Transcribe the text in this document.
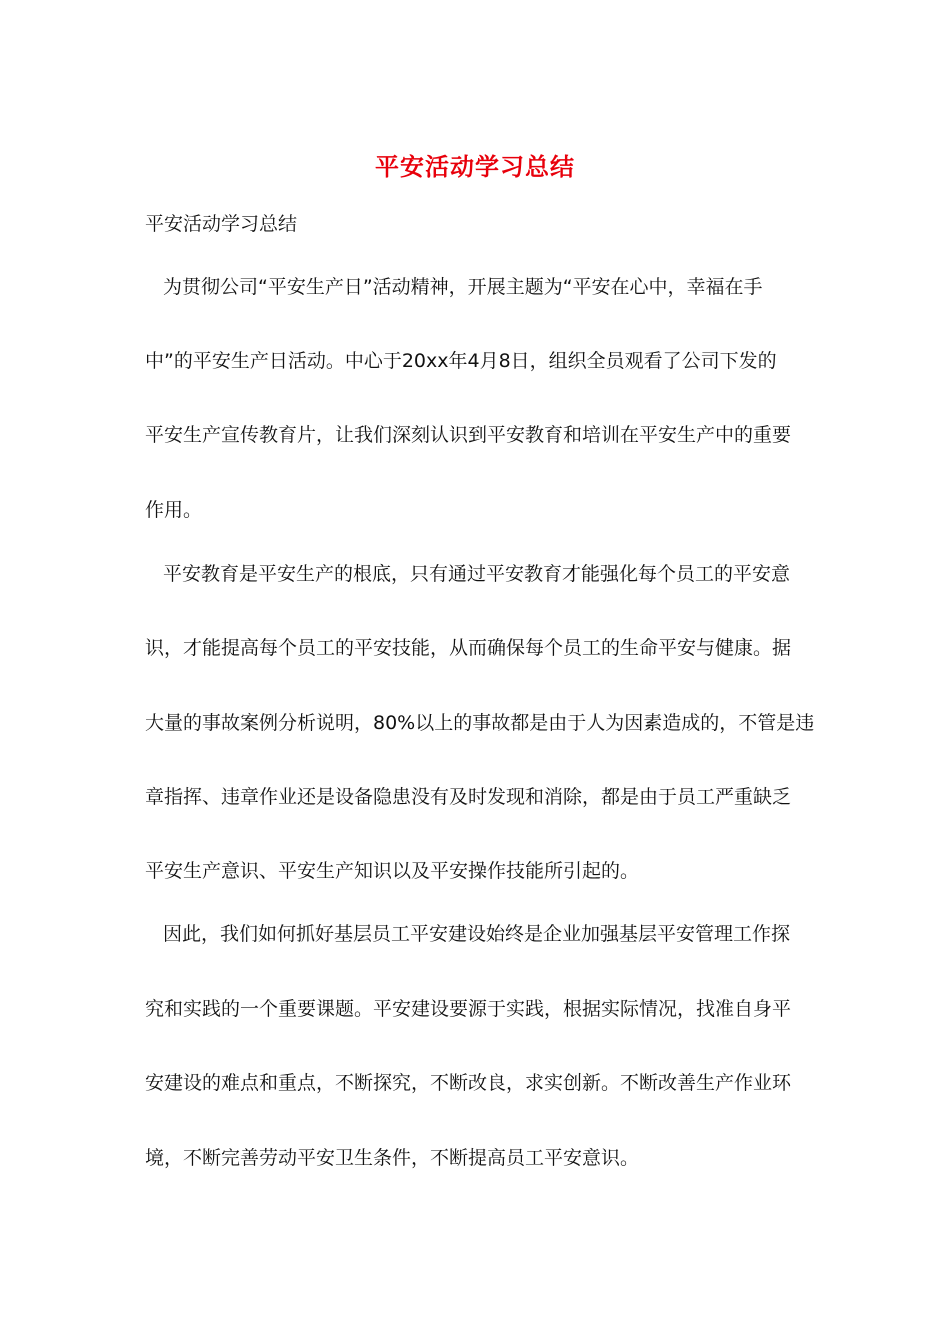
平安活动学习总结
平安活动学习总结
为贯彻公司“平安生产日”活动精神，开展主题为“平安在心中，幸福在手
中”的平安生产日活动。中心于20xx年4月8日，组织全员观看了公司下发的
平安生产宣传教育片，让我们深刻认识到平安教育和培训在平安生产中的重要
作用。
平安教育是平安生产的根底，只有通过平安教育才能强化每个员工的平安意
识，才能提高每个员工的平安技能，从而确保每个员工的生命平安与健康。据
大量的事故案例分析说明，80%以上的事故都是由于人为因素造成的，不管是违
章指挥、违章作业还是设备隐患没有及时发现和消除，都是由于员工严重缺乏
平安生产意识、平安生产知识以及平安操作技能所引起的。
因此，我们如何抓好基层员工平安建设始终是企业加强基层平安管理工作探
究和实践的一个重要课题。平安建设要源于实践，根据实际情况，找准自身平
安建设的难点和重点，不断探究，不断改良，求实创新。不断改善生产作业环
境，不断完善劳动平安卫生条件，不断提高员工平安意识。
